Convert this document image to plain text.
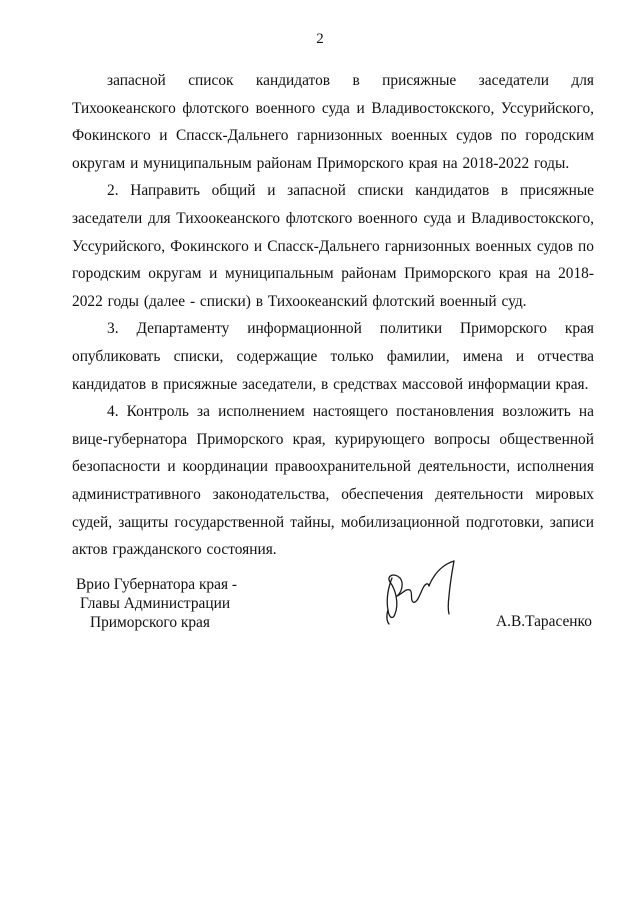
2

запасной список кандидатов в присяжные заседатели для Тихоокеанского флотского военного суда и Владивостокского, Уссурийского, Фокинского и Спасск-Дальнего гарнизонных военных судов по городским округам и муниципальным районам Приморского края на 2018-2022 годы.

2. Направить общий и запасной списки кандидатов в присяжные заседатели для Тихоокеанского флотского военного суда и Владивостокского, Уссурийского, Фокинского и Спасск-Дальнего гарнизонных военных судов по городским округам и муниципальным районам Приморского края на 2018-2022 годы (далее - списки) в Тихоокеанский флотский военный суд.

3. Департаменту информационной политики Приморского края опубликовать списки, содержащие только фамилии, имена и отчества кандидатов в присяжные заседатели, в средствах массовой информации края.

4. Контроль за исполнением настоящего постановления возложить на вице-губернатора Приморского края, курирующего вопросы общественной безопасности и координации правоохранительной деятельности, исполнения административного законодательства, обеспечения деятельности мировых судей, защиты государственной тайны, мобилизационной подготовки, записи актов гражданского состояния.

Врио Губернатора края -
Главы Администрации
Приморского края	А.В.Тарасенко
